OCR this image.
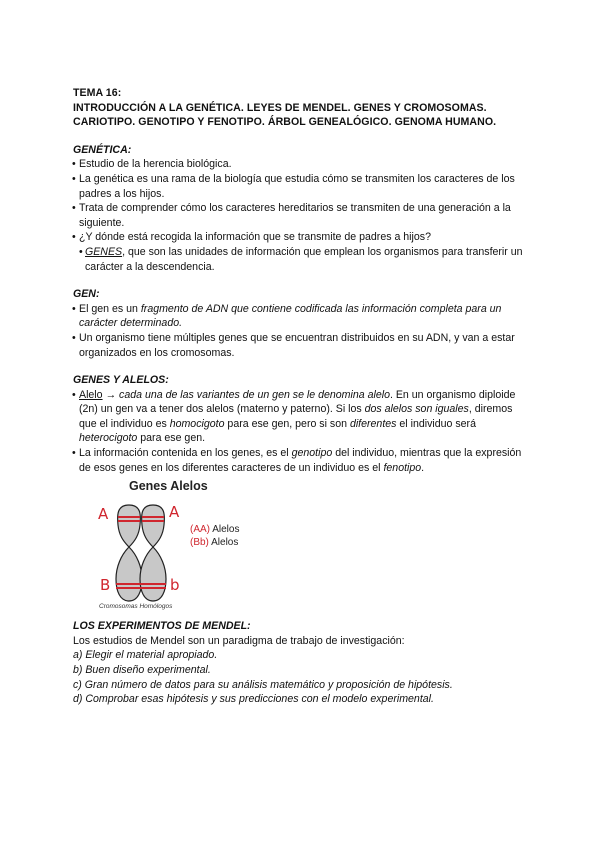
TEMA 16:
INTRODUCCIÓN A LA GENÉTICA. LEYES DE MENDEL. GENES Y CROMOSOMAS.
CARIOTIPO. GENOTIPO Y FENOTIPO. ÁRBOL GENEALÓGICO. GENOMA HUMANO.
GENÉTICA:
• Estudio de la herencia biológica.
• La genética es una rama de la biología que estudia cómo se transmiten los caracteres de los padres a los hijos.
• Trata de comprender cómo los caracteres hereditarios se transmiten de una generación a la siguiente.
• ¿Y dónde está recogida la información que se transmite de padres a hijos?
• GENES, que son las unidades de información que emplean los organismos para transferir un carácter a la descendencia.
GEN:
• El gen es un fragmento de ADN que contiene codificada las información completa para un carácter determinado.
• Un organismo tiene múltiples genes que se encuentran distribuidos en su ADN, y van a estar organizados en los cromosomas.
GENES Y ALELOS:
• Alelo → cada una de las variantes de un gen se le denomina alelo. En un organismo diploide (2n) un gen va a tener dos alelos (materno y paterno). Si los dos alelos son iguales, diremos que el individuo es homocigoto para ese gen, pero si son diferentes el individuo será heterocigoto para ese gen.
• La información contenida en los genes, es el genotipo del individuo, mientras que la expresión de esos genes en los diferentes caracteres de un individuo es el fenotipo.
Genes Alelos
A	A
B	b
(AA) Alelos
(Bb) Alelos
Cromosomas Homólogos
LOS EXPERIMENTOS DE MENDEL:
Los estudios de Mendel son un paradigma de trabajo de investigación:
a) Elegir el material apropiado.
b) Buen diseño experimental.
c) Gran número de datos para su análisis matemático y proposición de hipótesis.
d) Comprobar esas hipótesis y sus predicciones con el modelo experimental.
